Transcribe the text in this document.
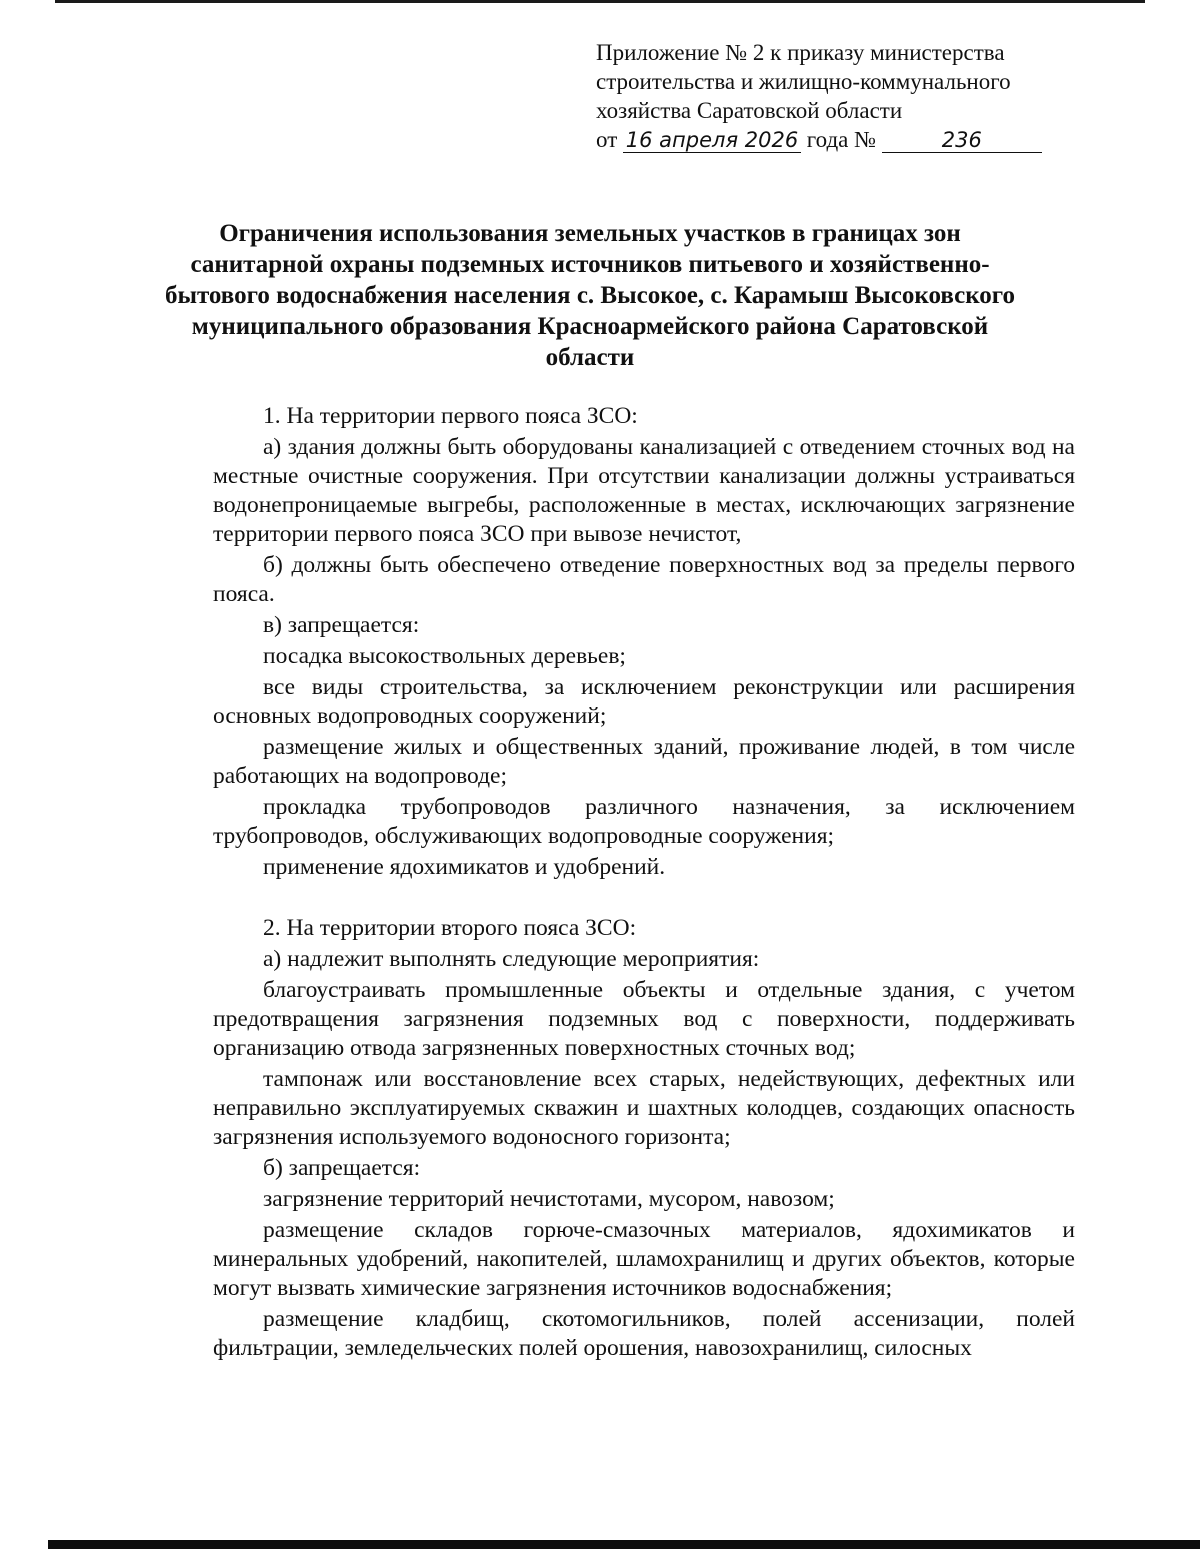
Приложение № 2 к приказу министерства
строительства и жилищно-коммунального
хозяйства Саратовской области
от 16 апреля 2026 года №	236
Ограничения использования земельных участков в границах зон санитарной охраны подземных источников питьевого и хозяйственно-бытового водоснабжения населения с. Высокое, с. Карамыш Высоковского муниципального образования Красноармейского района Саратовской области

1. На территории первого пояса ЗСО:

а) здания должны быть оборудованы канализацией с отведением сточных вод на местные очистные сооружения. При отсутствии канализации должны устраиваться водонепроницаемые выгребы, расположенные в местах, исключающих загрязнение территории первого пояса ЗСО при вывозе нечистот,

б) должны быть обеспечено отведение поверхностных вод за пределы первого пояса.

в) запрещается:

посадка высокоствольных деревьев;

все виды строительства, за исключением реконструкции или расширения основных водопроводных сооружений;

размещение жилых и общественных зданий, проживание людей, в том числе работающих на водопроводе;

прокладка трубопроводов различного назначения, за исключением трубопроводов, обслуживающих водопроводные сооружения;

применение ядохимикатов и удобрений.

2. На территории второго пояса ЗСО:

а) надлежит выполнять следующие мероприятия:

благоустраивать промышленные объекты и отдельные здания, с учетом предотвращения загрязнения подземных вод с поверхности, поддерживать организацию отвода загрязненных поверхностных сточных вод;

тампонаж или восстановление всех старых, недействующих, дефектных или неправильно эксплуатируемых скважин и шахтных колодцев, создающих опасность загрязнения используемого водоносного горизонта;

б) запрещается:

загрязнение территорий нечистотами, мусором, навозом;

размещение складов горюче-смазочных материалов, ядохимикатов и минеральных удобрений, накопителей, шламохранилищ и других объектов, которые могут вызвать химические загрязнения источников водоснабжения;

размещение кладбищ, скотомогильников, полей ассенизации, полей фильтрации, земледельческих полей орошения, навозохранилищ, силосных
